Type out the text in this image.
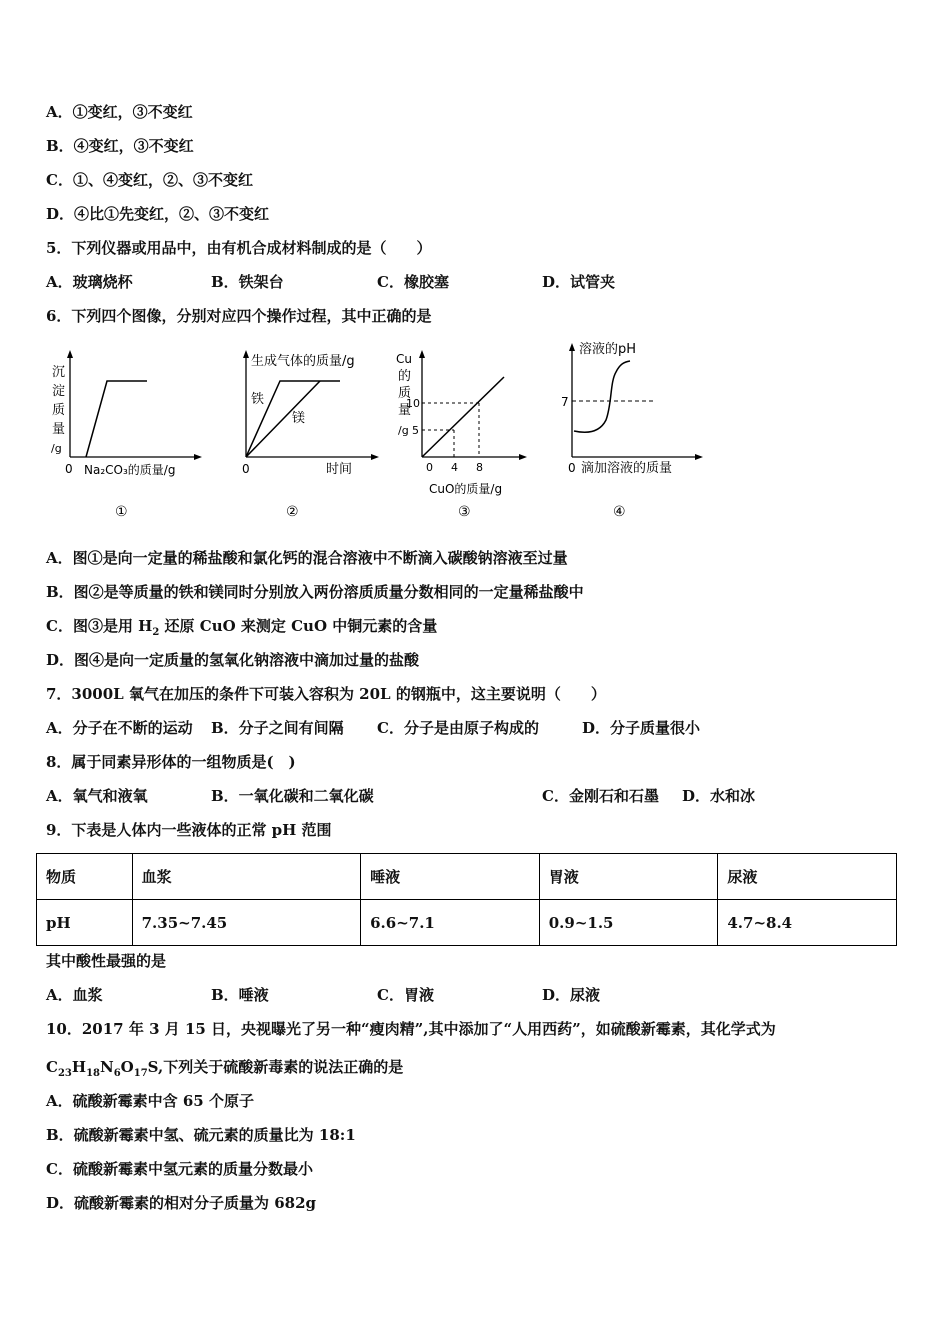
A．①变红，③不变红
B．④变红，③不变红
C．①、④变红，②、③不变红
D．④比①先变红，②、③不变红
5．下列仪器或用品中，由有机合成材料制成的是（　　）
A．玻璃烧杯	B．铁架台	C．橡胶塞	D．试管夹
6．下列四个图像，分别对应四个操作过程，其中正确的是
沉
淀
质
量
/g
0 Na₂CO₃的质量/g
①
生成气体的质量/g
铁
镁
0	时间
②
Cu
的
质
量
/g
10
5
0 4 8
CuO的质量/g
③
溶液的pH
7
0 滴加溶液的质量
④
A．图①是向一定量的稀盐酸和氯化钙的混合溶液中不断滴入碳酸钠溶液至过量
B．图②是等质量的铁和镁同时分别放入两份溶质质量分数相同的一定量稀盐酸中
C．图③是用 $H_2$ 还原 CuO 来测定 CuO 中铜元素的含量
D．图④是向一定质量的氢氧化钠溶液中滴加过量的盐酸
7．3000L 氧气在加压的条件下可装入容积为 20L 的钢瓶中，这主要说明（　　）
A．分子在不断的运动 B．分子之间有间隔 C．分子是由原子构成的	D．分子质量很小
8．属于同素异形体的一组物质是(　)
A．氧气和液氧	B．一氧化碳和二氧化碳	C．金刚石和石墨 D．水和冰
9．下表是人体内一些液体的正常 pH 范围
物质	血浆	唾液	胃液	尿液
pH	7.35~7.45	6.6~7.1	0.9~1.5	4.7~8.4
其中酸性最强的是
A．血浆	B．唾液	C．胃液	D．尿液
10．2017 年 3 月 15 日，央视曝光了另一种“瘦肉精”,其中添加了“人用西药”，如硫酸新霉素，其化学式为
$C_{23}H_{18}N_6O_{17}S$,下列关于硫酸新毒素的说法正确的是
A．硫酸新霉素中含 65 个原子
B．硫酸新霉素中氢、硫元素的质量比为 18:1
C．硫酸新霉素中氢元素的质量分数最小
D．硫酸新霉素的相对分子质量为 682g
